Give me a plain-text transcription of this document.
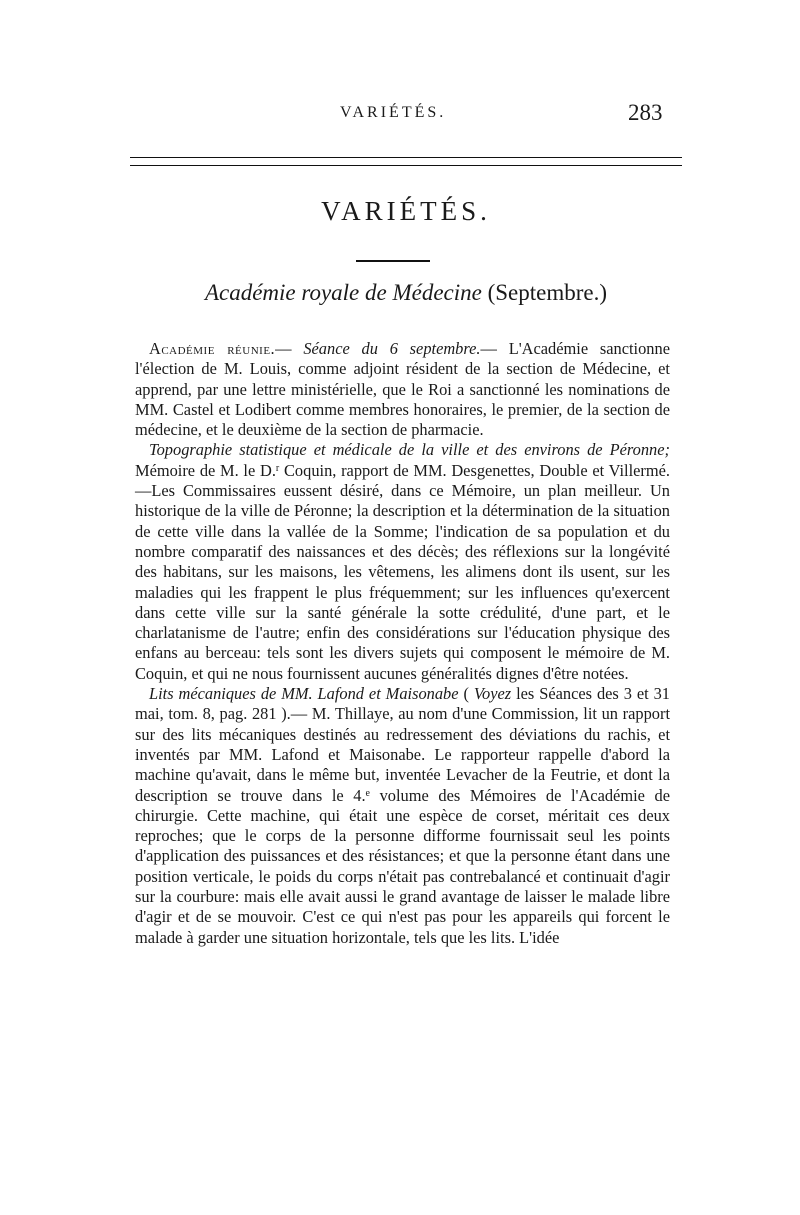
VARIÉTÉS.	283
VARIÉTÉS.
Académie royale de Médecine (Septembre.)

Académie réunie.— Séance du 6 septembre.— L'Académie sanctionne l'élection de M. Louis, comme adjoint résident de la section de Médecine, et apprend, par une lettre ministérielle, que le Roi a sanctionné les nominations de MM. Castel et Lodibert comme membres honoraires, le premier, de la section de médecine, et le deuxième de la section de pharmacie.

Topographie statistique et médicale de la ville et des environs de Péronne; Mémoire de M. le D.$^r$ Coquin, rapport de MM. Desgenettes, Double et Villermé.—Les Commissaires eussent désiré, dans ce Mémoire, un plan meilleur. Un historique de la ville de Péronne; la description et la détermination de la situation de cette ville dans la vallée de la Somme; l'indication de sa population et du nombre comparatif des naissances et des décès; des réflexions sur la longévité des habitans, sur les maisons, les vêtemens, les alimens dont ils usent, sur les maladies qui les frappent le plus fréquemment; sur les influences qu'exercent dans cette ville sur la santé générale la sotte crédulité, d'une part, et le charlatanisme de l'autre; enfin des considérations sur l'éducation physique des enfans au berceau: tels sont les divers sujets qui composent le mémoire de M. Coquin, et qui ne nous fournissent aucunes généralités dignes d'être notées.

Lits mécaniques de MM. Lafond et Maisonabe ( Voyez les Séances des 3 et 31 mai, tom. 8, pag. 281 ).— M. Thillaye, au nom d'une Commission, lit un rapport sur des lits mécaniques destinés au redressement des déviations du rachis, et inventés par MM. Lafond et Maisonabe. Le rapporteur rappelle d'abord la machine qu'avait, dans le même but, inventée Levacher de la Feutrie, et dont la description se trouve dans le 4.$^e$ volume des Mémoires de l'Académie de chirurgie. Cette machine, qui était une espèce de corset, méritait ces deux reproches; que le corps de la personne difforme fournissait seul les points d'application des puissances et des résistances; et que la personne étant dans une position verticale, le poids du corps n'était pas contrebalancé et continuait d'agir sur la courbure: mais elle avait aussi le grand avantage de laisser le malade libre d'agir et de se mouvoir. C'est ce qui n'est pas pour les appareils qui forcent le malade à garder une situation horizontale, tels que les lits. L'idée
